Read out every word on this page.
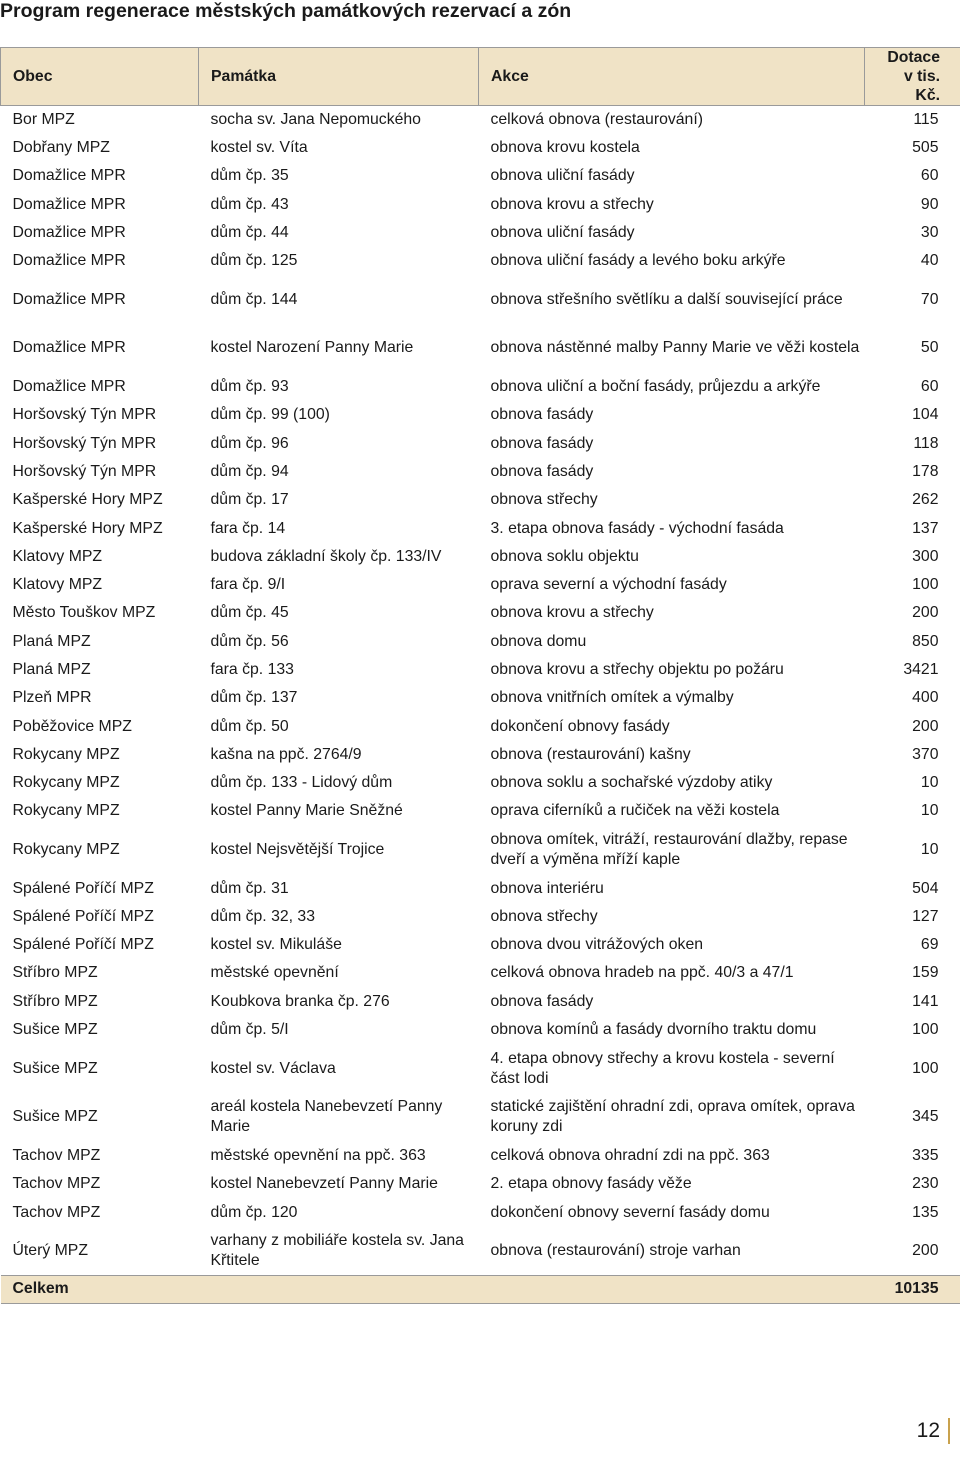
Program regenerace městských památkových rezervací a zón
Obec	Památka	Akce	Dotace
v tis. Kč.
Bor MPZ	socha sv. Jana Nepomuckého	celková obnova (restaurování)	115
Dobřany MPZ	kostel sv. Víta	obnova krovu kostela	505
Domažlice MPR	dům čp. 35	obnova uliční fasády	60
Domažlice MPR	dům čp. 43	obnova krovu a střechy	90
Domažlice MPR	dům čp. 44	obnova uliční fasády	30
Domažlice MPR	dům čp. 125	obnova uliční fasády a levého boku arkýře	40
Domažlice MPR	dům čp. 144	obnova střešního světlíku a další související práce	70
Domažlice MPR	kostel Narození Panny Marie	obnova nástěnné malby Panny Marie ve věži kostela	50
Domažlice MPR	dům čp. 93	obnova uliční a boční fasády, průjezdu a arkýře	60
Horšovský Týn MPR	dům čp. 99 (100)	obnova fasády	104
Horšovský Týn MPR	dům čp. 96	obnova fasády	118
Horšovský Týn MPR	dům čp. 94	obnova fasády	178
Kašperské Hory MPZ	dům čp. 17	obnova střechy	262
Kašperské Hory MPZ	fara čp. 14	3. etapa obnova fasády - východní fasáda	137
Klatovy MPZ	budova základní školy čp. 133/IV	obnova soklu objektu	300
Klatovy MPZ	fara čp. 9/I	oprava severní a východní fasády	100
Město Touškov MPZ	dům čp. 45	obnova krovu a střechy	200
Planá MPZ	dům čp. 56	obnova domu	850
Planá MPZ	fara čp. 133	obnova krovu a střechy objektu po požáru	3421
Plzeň MPR	dům čp. 137	obnova vnitřních omítek a výmalby	400
Poběžovice MPZ	dům čp. 50	dokončení obnovy fasády	200
Rokycany MPZ	kašna na ppč. 2764/9	obnova (restaurování) kašny	370
Rokycany MPZ	dům čp. 133 - Lidový dům	obnova soklu a sochařské výzdoby atiky	10
Rokycany MPZ	kostel Panny Marie Sněžné	oprava ciferníků a ručiček na věži kostela	10
Rokycany MPZ	kostel Nejsvětější Trojice	obnova omítek, vitráží, restaurování dlažby, repase dveří a výměna mříží kaple	10
Spálené Poříčí MPZ	dům čp. 31	obnova interiéru	504
Spálené Poříčí MPZ	dům čp. 32, 33	obnova střechy	127
Spálené Poříčí MPZ	kostel sv. Mikuláše	obnova dvou vitrážových oken	69
Stříbro MPZ	městské opevnění	celková obnova hradeb na ppč. 40/3 a 47/1	159
Stříbro MPZ	Koubkova branka čp. 276	obnova fasády	141
Sušice MPZ	dům čp. 5/I	obnova komínů a fasády dvorního traktu domu	100
Sušice MPZ	kostel sv. Václava	4. etapa obnovy střechy a krovu kostela - severní část lodi	100
Sušice MPZ	areál kostela Nanebevzetí Panny Marie	statické zajištění ohradní zdi, oprava omítek, oprava koruny zdi	345
Tachov MPZ	městské opevnění na ppč. 363	celková obnova ohradní zdi na ppč. 363	335
Tachov MPZ	kostel Nanebevzetí Panny Marie	2. etapa obnovy fasády věže	230
Tachov MPZ	dům čp. 120	dokončení obnovy severní fasády domu	135
Úterý MPZ	varhany z mobiliáře kostela sv. Jana Křtitele	obnova (restaurování) stroje varhan	200
Celkem			10135
12
